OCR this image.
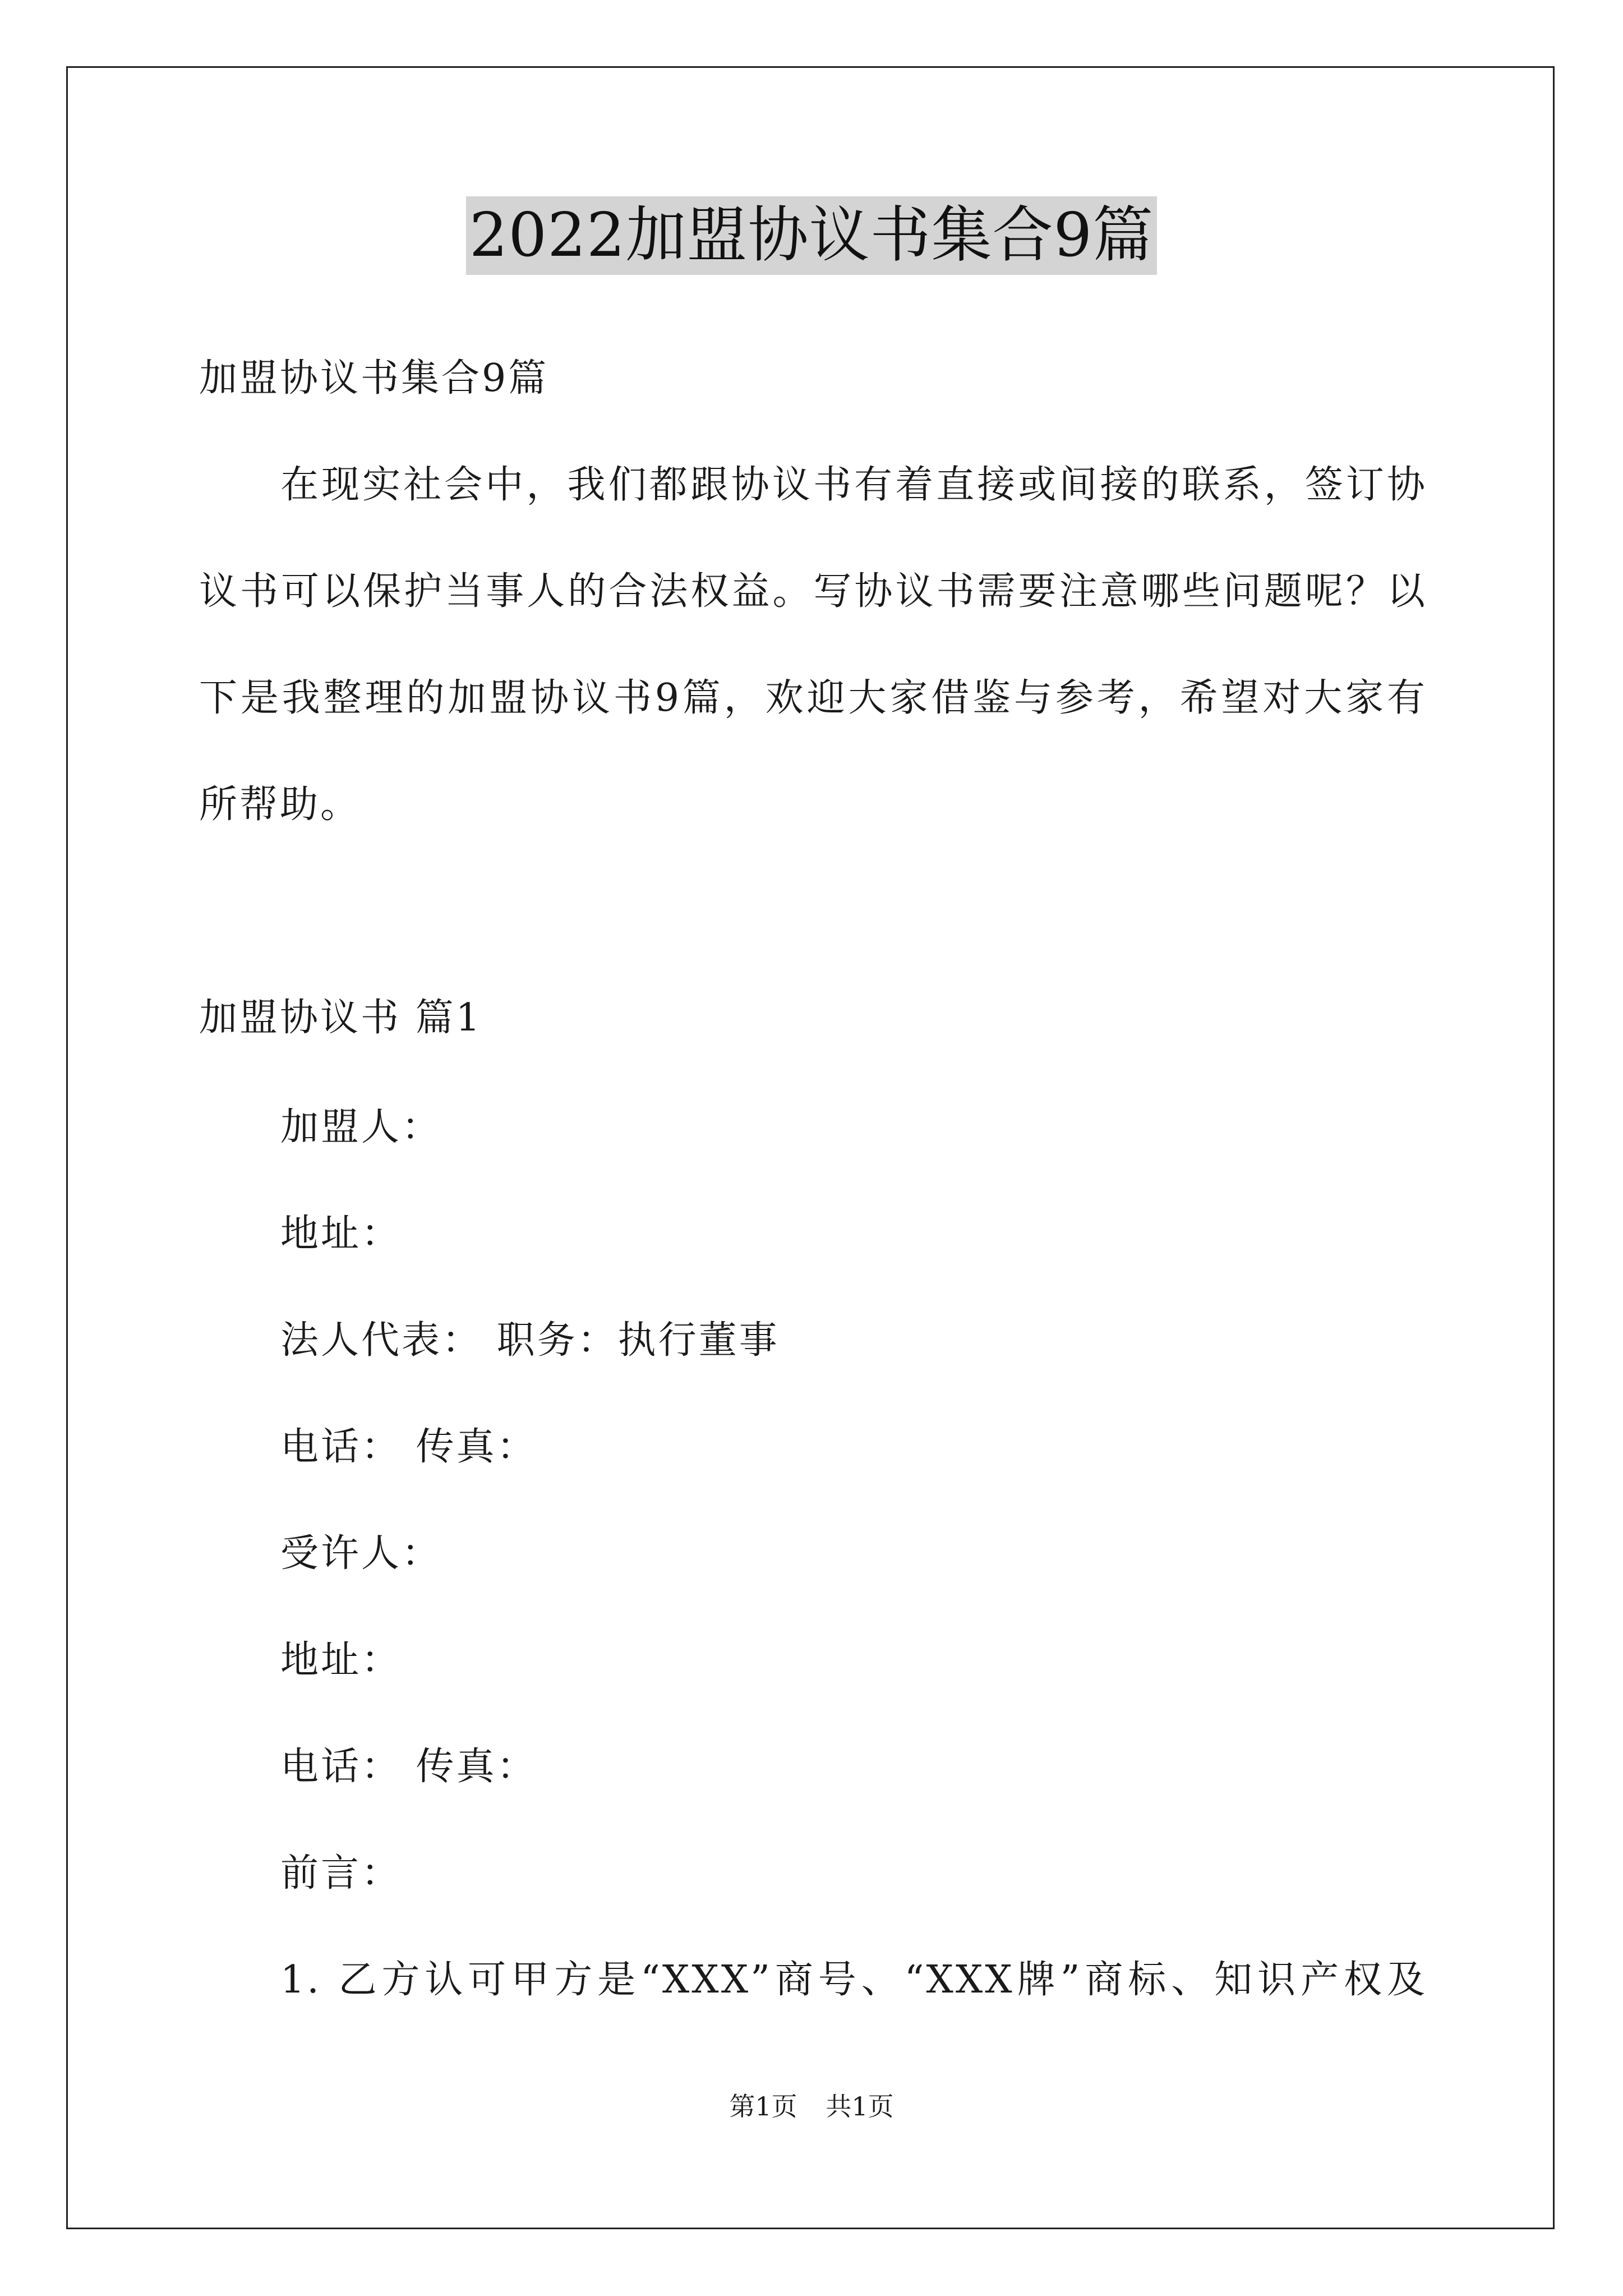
2022加盟协议书集合9篇
加盟协议书集合9篇
在现实社会中，我们都跟协议书有着直接或间接的联系，签订协
议书可以保护当事人的合法权益。写协议书需要注意哪些问题呢？以
下是我整理的加盟协议书9篇，欢迎大家借鉴与参考，希望对大家有
所帮助。
加盟协议书 篇1
加盟人：
地址：
法人代表： 职务：执行董事
电话： 传真：
受许人：
地址：
电话： 传真：
前言：
1. 乙方认可甲方是“XXX”商号、“XXX牌”商标、知识产权及
第1页 共1页
